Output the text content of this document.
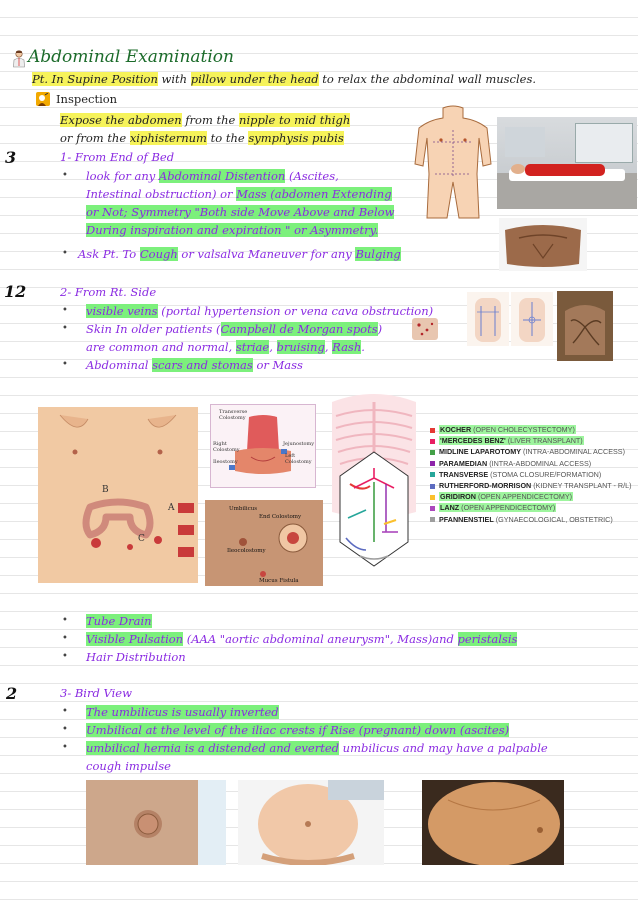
Abdominal Examination
Pt. In Supine Position with pillow under the head to relax the abdominal wall muscles.
Inspection
Expose the abdomen from the nipple to mid thigh
or from the xiphisternum to the symphysis pubis
3
12
2
1- From End of Bed
• look for any Abdominal Distention (Ascites,
Intestinal obstruction) or Mass (abdomen Extending
or Not; Symmetry "Both side Move Above and Below
During inspiration and expiration " or Asymmetry.
• Ask Pt. To Cough or valsalva Maneuver for any Bulging
2- From Rt. Side
• visible veins (portal hypertension or vena cava obstruction)
• Skin In older patients (Campbell de Morgan spots)
are common and normal, striae, bruising, Rash.
• Abdominal scars and stomas or Mass
B
A
C
Transverse Colostomy
Right Colostomy
Ileostomy
Jejunostomy
Left Colostomy
Umbilicus
End Colostomy
Ileocolostomy
Mucus Fistula
KOCHER (OPEN CHOLECYSTECTOMY)
'MERCEDES BENZ' (LIVER TRANSPLANT)
MIDLINE LAPAROTOMY (INTRA-ABDOMINAL ACCESS)
PARAMEDIAN (INTRA-ABDOMINAL ACCESS)
TRANSVERSE (STOMA CLOSURE/FORMATION)
RUTHERFORD-MORRISON (KIDNEY TRANSPLANT - R/L)
GRIDIRON (OPEN APPENDICECTOMY)
LANZ (OPEN APPENDICECTOMY)
PFANNENSTIEL (GYNAECOLOGICAL, OBSTETRIC)
• Tube Drain
• Visible Pulsation (AAA "aortic abdominal aneurysm", Mass)and peristalsis
• Hair Distribution
3- Bird View
• The umbilicus is usually inverted
• Umbilical at the level of the iliac crests if Rise (pregnant) down (ascites)
• umbilical hernia is a distended and everted umbilicus and may have a palpable
cough impulse
